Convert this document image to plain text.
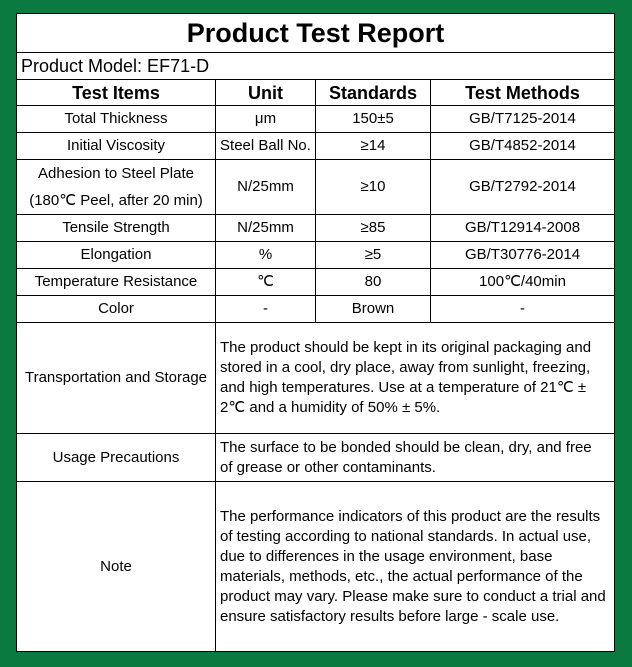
Product Test Report			
Product Model: EF71-D			
Test Items	Unit	Standards	Test Methods
Total Thickness	μm	150±5	GB/T7125-2014
Initial Viscosity	Steel Ball No.	≥14	GB/T4852-2014

Adhesion to Steel Plate
(180℃ Peel, after 20 min)	N/25mm	≥10	GB/T2792-2014
Tensile Strength	N/25mm	≥85	GB/T12914-2008
Elongation	%	≥5	GB/T30776-2014
Temperature Resistance	℃	80	100℃/40min
Color	-	Brown	-
Transportation and Storage	The product should be kept in its original packaging and stored in a cool, dry place, away from sunlight, freezing, and high temperatures. Use at a temperature of 21℃ ± 2℃ and a humidity of 50% ± 5%.		
Usage Precautions	The surface to be bonded should be clean, dry, and free of grease or other contaminants.		
Note	The performance indicators of this product are the results of testing according to national standards. In actual use, due to differences in the usage environment, base materials, methods, etc., the actual performance of the product may vary. Please make sure to conduct a trial and ensure satisfactory results before large - scale use.		
